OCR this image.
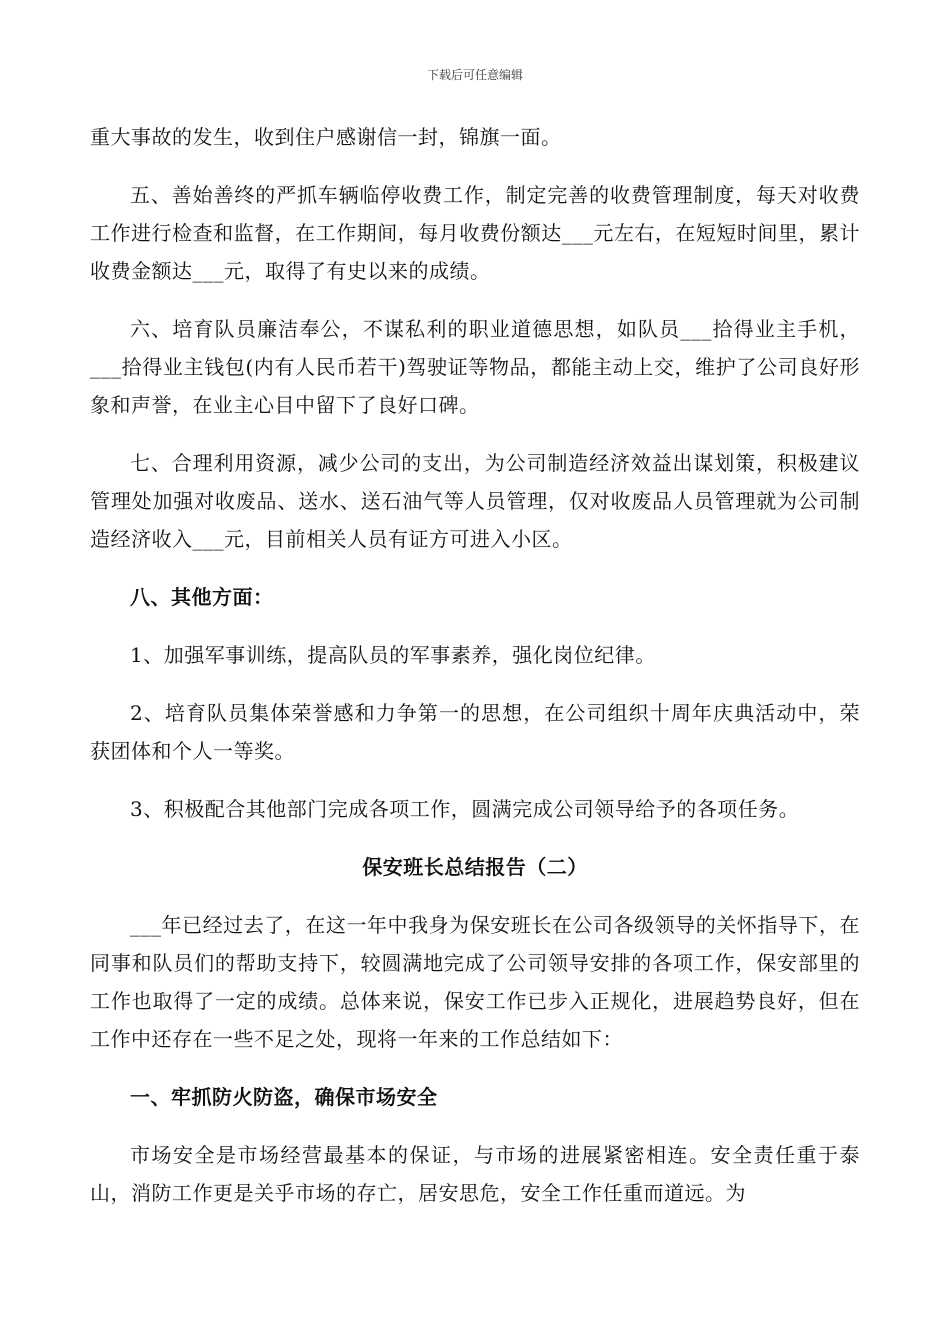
下载后可任意编辑

重大事故的发生，收到住户感谢信一封，锦旗一面。

五、善始善终的严抓车辆临停收费工作，制定完善的收费管理制度，每天对收费工作进行检查和监督，在工作期间，每月收费份额达___元左右，在短短时间里，累计收费金额达___元，取得了有史以来的成绩。

六、培育队员廉洁奉公，不谋私利的职业道德思想，如队员___拾得业主手机，___拾得业主钱包(内有人民币若干)驾驶证等物品，都能主动上交，维护了公司良好形象和声誉，在业主心目中留下了良好口碑。

七、合理利用资源，减少公司的支出，为公司制造经济效益出谋划策，积极建议管理处加强对收废品、送水、送石油气等人员管理，仅对收废品人员管理就为公司制造经济收入___元，目前相关人员有证方可进入小区。

八、其他方面：

1、加强军事训练，提高队员的军事素养，强化岗位纪律。

2、培育队员集体荣誉感和力争第一的思想，在公司组织十周年庆典活动中，荣获团体和个人一等奖。

3、积极配合其他部门完成各项工作，圆满完成公司领导给予的各项任务。

保安班长总结报告（二）

___年已经过去了，在这一年中我身为保安班长在公司各级领导的关怀指导下，在同事和队员们的帮助支持下，较圆满地完成了公司领导安排的各项工作，保安部里的工作也取得了一定的成绩。总体来说，保安工作已步入正规化，进展趋势良好，但在工作中还存在一些不足之处，现将一年来的工作总结如下：

一、牢抓防火防盗，确保市场安全

市场安全是市场经营最基本的保证，与市场的进展紧密相连。安全责任重于泰山，消防工作更是关乎市场的存亡，居安思危，安全工作任重而道远。为
